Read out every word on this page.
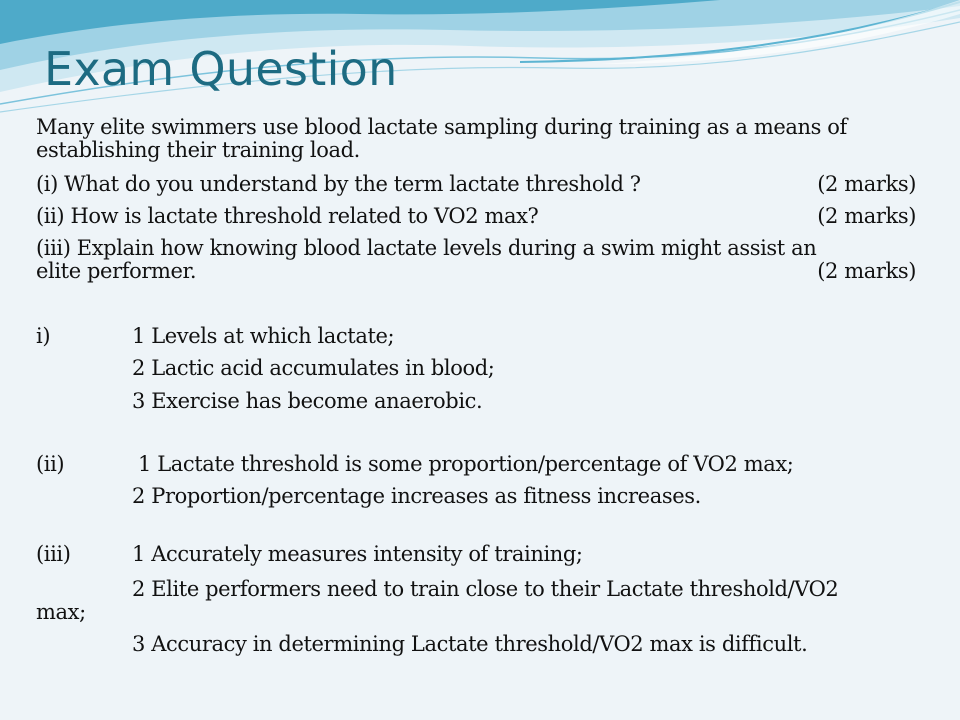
Exam Question
Many elite swimmers use blood lactate sampling during training as a means of establishing their training load.
(i) What do you understand by the term lactate threshold ?	(2 marks)
(ii) How is lactate threshold related to VO2 max?	(2 marks)
(iii) Explain how knowing blood lactate levels during a swim might assist an
elite performer.	(2 marks)
i)	1 Levels at which lactate;
2 Lactic acid accumulates in blood;
3 Exercise has become anaerobic.
(ii)	1 Lactate threshold is some proportion/percentage of VO2 max;
2 Proportion/percentage increases as fitness increases.
(iii)	1 Accurately measures intensity of training;
2 Elite performers need to train close to their Lactate threshold/VO2
max;
3 Accuracy in determining Lactate threshold/VO2 max is difficult.
